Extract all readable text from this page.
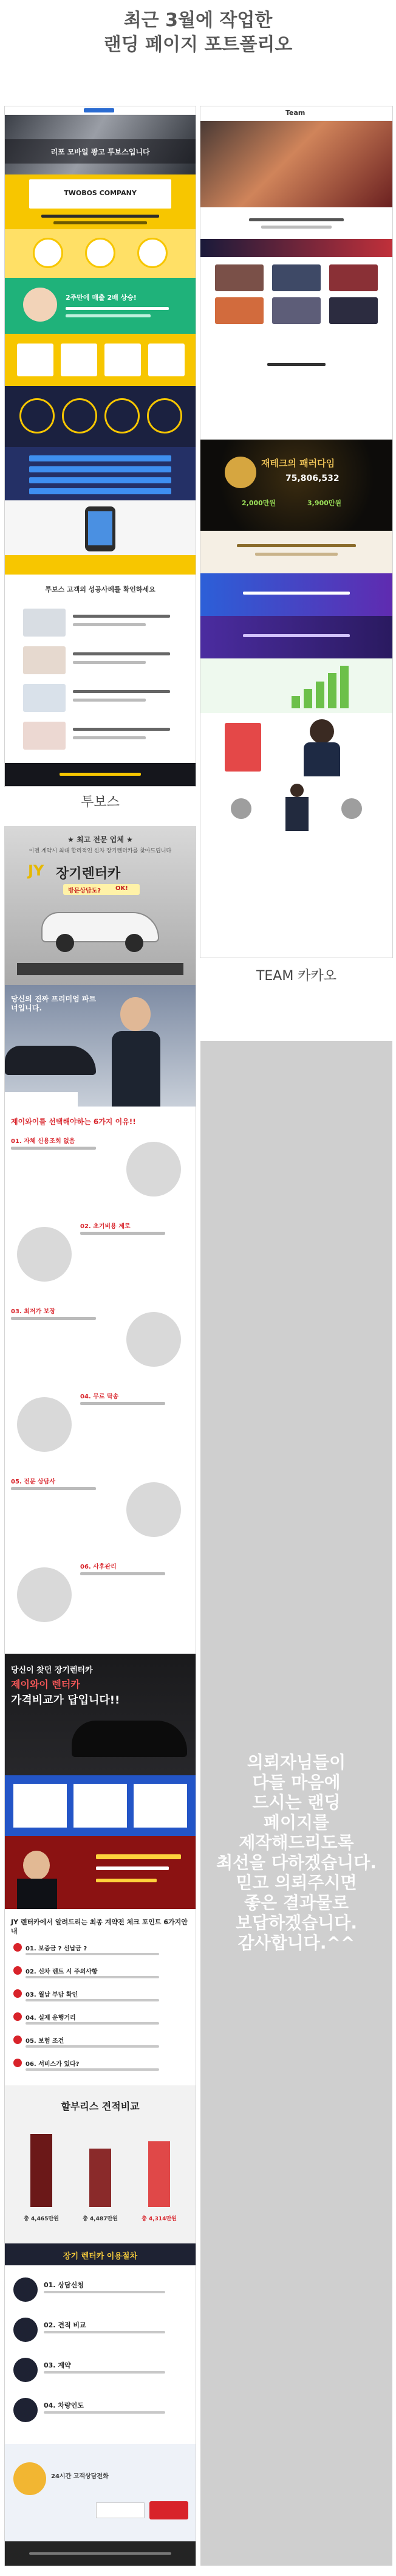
최근 3월에 작업한
랜딩 페이지 포트폴리오
리포 모바일 광고 투보스입니다
TWOBOS COMPANY
2주만에 매출 2배 상승!
투보스 고객의 성공사례를 확인하세요
투보스
Team
재테크의 패러다임
75,806,532
2,000만원	3,900만원
TEAM 카카오
★ 최고 전문 업체 ★
이젠 계약시 최대 합리적인 신차 장기렌터카를 찾아드립니다
JY 장기렌터카
방문상담도? OK!
당신의 진짜 프리미엄 파트너입니다.
제이와이를 선택해야하는 6가지 이유!!
01. 자체 신용조회 없음
02. 초기비용 제로
03. 최저가 보장
04. 무료 탁송
05. 전문 상담사
06. 사후관리
당신이 찾던 장기렌터카
제이와이 렌터카
가격비교가 답입니다!!
JY 렌터카에서 알려드리는 최종 계약전 체크 포인트 6가지안내
01. 보증금 ? 선납금 ?
02. 신차 렌트 시 주의사항
03. 월납 부담 확인
04. 실제 운행거리
05. 보험 조건
06. 서비스가 있다?
할부리스 견적비교
총 4,465만원	총 4,487만원	총 4,314만원
장기 렌터카 이용절차
01. 상담신청
02. 견적 비교
03. 계약
04. 차량인도
24시간 고객상담전화
의뢰자님들이
다들 마음에
드시는 랜딩
페이지를
제작해드리도록
최선을 다하겠습니다.
믿고 의뢰주시면
좋은 결과물로
보답하겠습니다.
감사합니다.^^
